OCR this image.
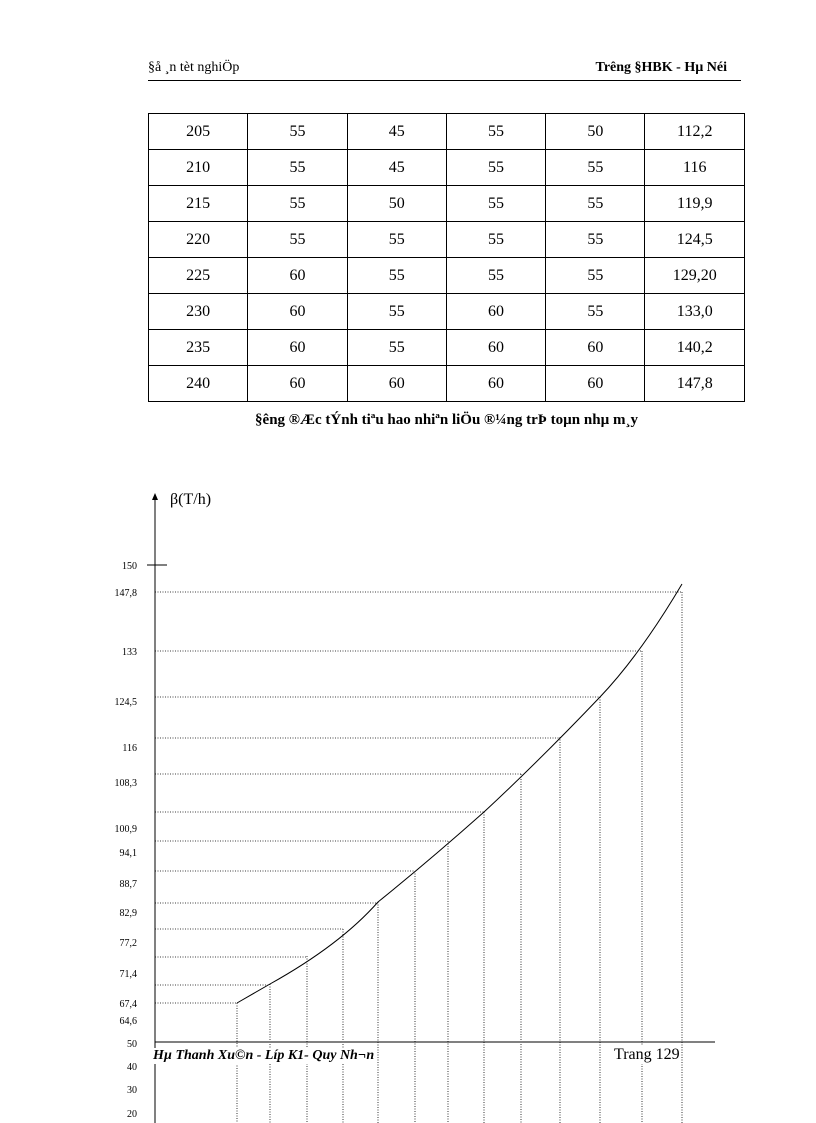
§å ¸n tèt nghiÖp	Trêng §HBK - Hµ Néi
205	55	45	55	50	112,2
210	55	45	55	55	116
215	55	50	55	55	119,9
220	55	55	55	55	124,5
225	60	55	55	55	129,20
230	60	55	60	55	133,0
235	60	55	60	60	140,2
240	60	60	60	60	147,8
§êng ®Æc tÝnh tiªu hao nhiªn liÖu ®¼ng trÞ toµn nhµ m¸y
β(T/h)
150
147,8
133
124,5
116
108,3
100,9
94,1
88,7
82,9
77,2
71,4
67,4
64,6
50
40
30
20
Hµ Thanh Xu©n - Líp K1- Quy Nh¬n	Trang 129
